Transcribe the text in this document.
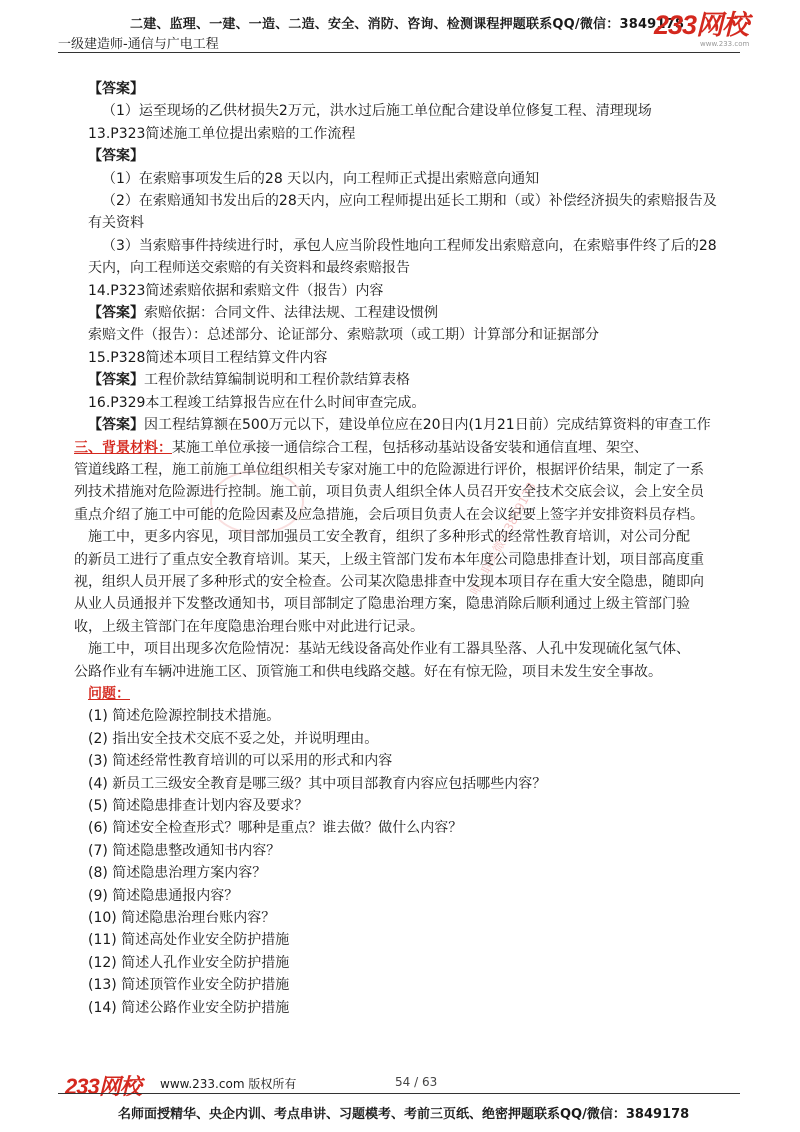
二建、监理、一建、一造、二造、安全、消防、咨询、检测课程押题联系QQ/微信：3849178
一级建造师-通信与广电工程
233网校
www.233.com
唯一联系微信3849178

【答案】

（1）运至现场的乙供材损失2万元，洪水过后施工单位配合建设单位修复工程、清理现场

13.P323简述施工单位提出索赔的工作流程

【答案】

（1）在索赔事项发生后的28 天以内，向工程师正式提出索赔意向通知

（2）在索赔通知书发出后的28天内，应向工程师提出延长工期和（或）补偿经济损失的索赔报告及

有关资料

（3）当索赔事件持续进行时，承包人应当阶段性地向工程师发出索赔意向，在索赔事件终了后的28

天内，向工程师送交索赔的有关资料和最终索赔报告

14.P323简述索赔依据和索赔文件（报告）内容

【答案】索赔依据：合同文件、法律法规、工程建设惯例

索赔文件（报告）：总述部分、论证部分、索赔款项（或工期）计算部分和证据部分

15.P328简述本项目工程结算文件内容

【答案】工程价款结算编制说明和工程价款结算表格

16.P329本工程竣工结算报告应在什么时间审查完成。

【答案】因工程结算额在500万元以下，建设单位应在20日内(1月21日前）完成结算资料的审查工作

三、背景材料：某施工单位承接一通信综合工程，包括移动基站设备安装和通信直埋、架空、

管道线路工程，施工前施工单位组织相关专家对施工中的危险源进行评价，根据评价结果，制定了一系

列技术措施对危险源进行控制。施工前，项目负责人组织全体人员召开安全技术交底会议，会上安全员

重点介绍了施工中可能的危险因素及应急措施，会后项目负责人在会议纪要上签字并安排资料员存档。

施工中，更多内容见，项目部加强员工安全教育，组织了多种形式的经常性教育培训，对公司分配

的新员工进行了重点安全教育培训。某天，上级主管部门发布本年度公司隐患排查计划，项目部高度重

视，组织人员开展了多种形式的安全检查。公司某次隐患排查中发现本项目存在重大安全隐患，随即向

从业人员通报并下发整改通知书，项目部制定了隐患治理方案，隐患消除后顺利通过上级主管部门验

收，上级主管部门在年度隐患治理台账中对此进行记录。

施工中，项目出现多次危险情况：基站无线设备高处作业有工器具坠落、人孔中发现硫化氢气体、

公路作业有车辆冲进施工区、顶管施工和供电线路交越。好在有惊无险，项目未发生安全事故。

问题：

(1) 简述危险源控制技术措施。

(2) 指出安全技术交底不妥之处，并说明理由。

(3) 简述经常性教育培训的可以采用的形式和内容

(4) 新员工三级安全教育是哪三级？其中项目部教育内容应包括哪些内容？

(5) 简述隐患排查计划内容及要求？

(6) 简述安全检查形式？哪种是重点？谁去做？做什么内容？

(7) 简述隐患整改通知书内容？

(8) 简述隐患治理方案内容？

(9) 简述隐患通报内容？

(10) 简述隐患治理台账内容？

(11) 简述高处作业安全防护措施

(12) 简述人孔作业安全防护措施

(13) 简述顶管作业安全防护措施

(14) 简述公路作业安全防护措施

233网校 www.233.com 版权所有	54 / 63
名师面授精华、央企内训、考点串讲、习题模考、考前三页纸、绝密押题联系QQ/微信：3849178
